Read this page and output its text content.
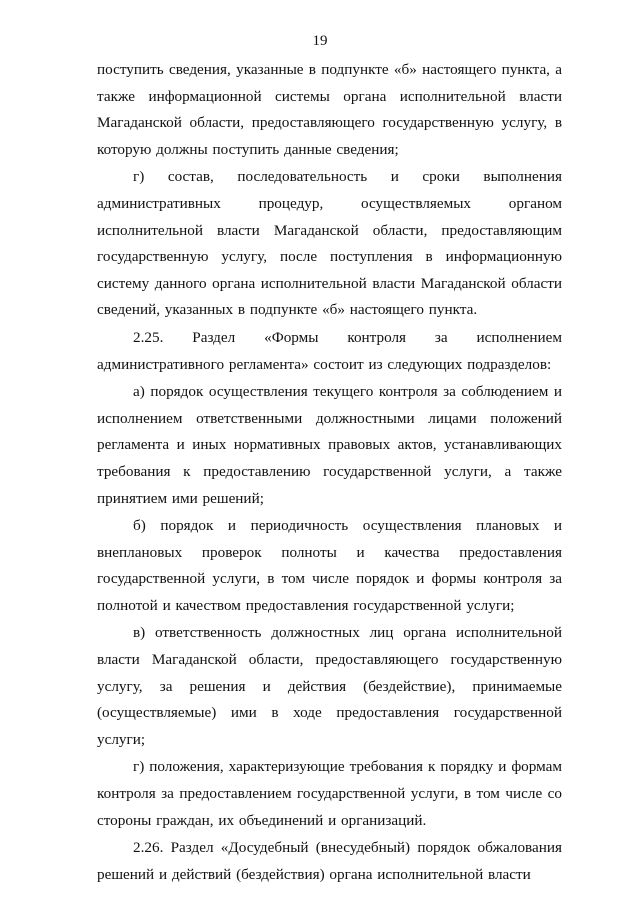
19

поступить сведения, указанные в подпункте «б» настоящего пункта, а также информационной системы органа исполнительной власти Магаданской области, предоставляющего государственную услугу, в которую должны поступить данные сведения;

г) состав, последовательность и сроки выполнения административных процедур, осуществляемых органом исполнительной власти Магаданской области, предоставляющим государственную услугу, после поступления в информационную систему данного органа исполнительной власти Магаданской области сведений, указанных в подпункте «б» настоящего пункта.

2.25. Раздел «Формы контроля за исполнением административного регламента» состоит из следующих подразделов:

а) порядок осуществления текущего контроля за соблюдением и исполнением ответственными должностными лицами положений регламента и иных нормативных правовых актов, устанавливающих требования к предоставлению государственной услуги, а также принятием ими решений;

б) порядок и периодичность осуществления плановых и внеплановых проверок полноты и качества предоставления государственной услуги, в том числе порядок и формы контроля за полнотой и качеством предоставления государственной услуги;

в) ответственность должностных лиц органа исполнительной власти Магаданской области, предоставляющего государственную услугу, за решения и действия (бездействие), принимаемые (осуществляемые) ими в ходе предоставления государственной услуги;

г) положения, характеризующие требования к порядку и формам контроля за предоставлением государственной услуги, в том числе со стороны граждан, их объединений и организаций.

2.26. Раздел «Досудебный (внесудебный) порядок обжалования решений и действий (бездействия) органа исполнительной власти
